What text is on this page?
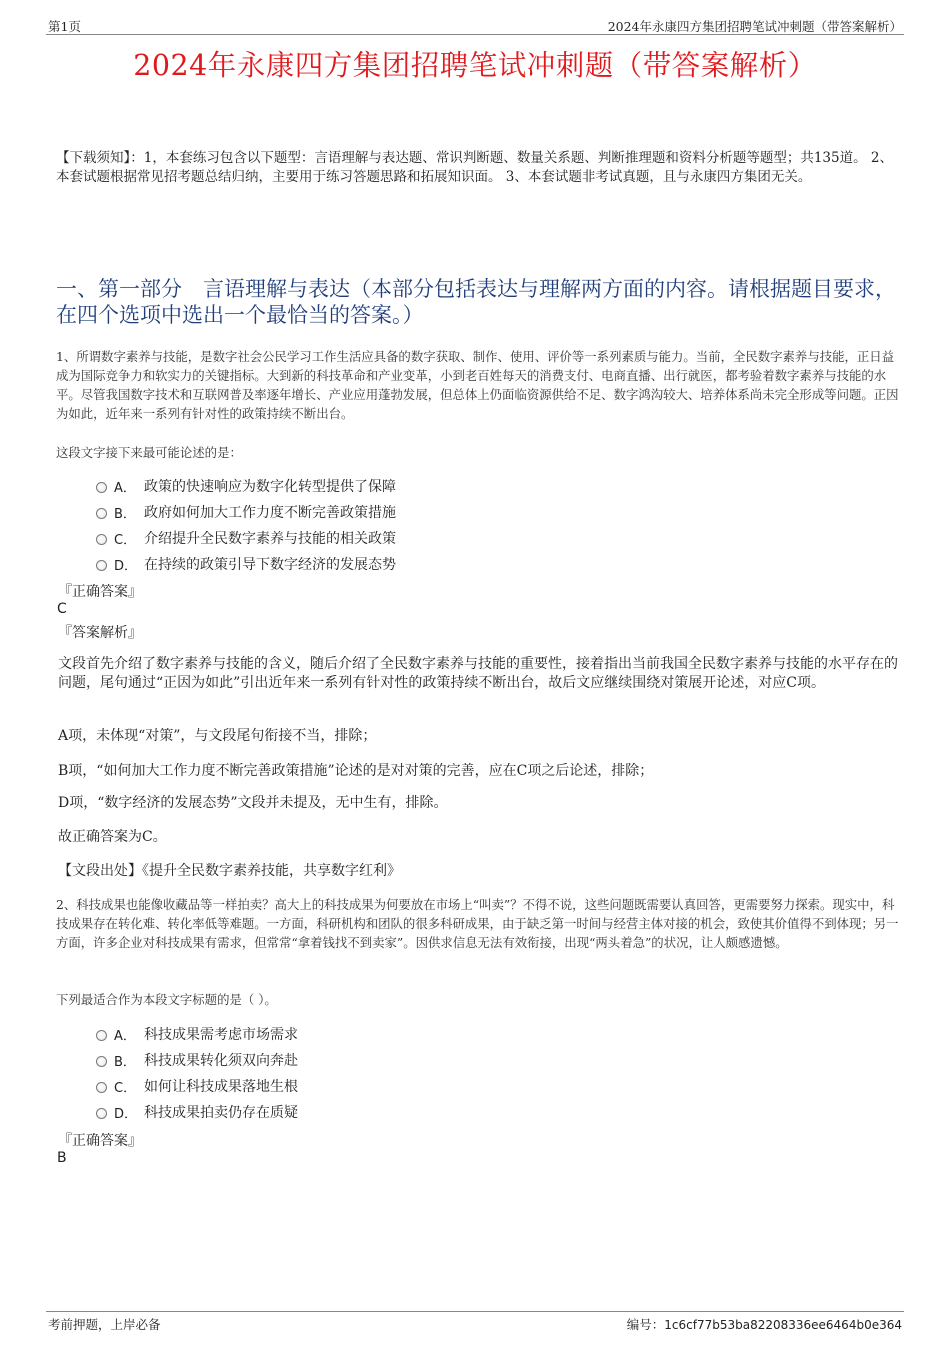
第1页	2024年永康四方集团招聘笔试冲刺题（带答案解析）
2024年永康四方集团招聘笔试冲刺题（带答案解析）
【下载须知】：1，本套练习包含以下题型：言语理解与表达题、常识判断题、数量关系题、判断推理题和资料分析题等题型；共135道。 2、本套试题根据常见招考题总结归纳，主要用于练习答题思路和拓展知识面。 3、本套试题非考试真题，且与永康四方集团无关。
一、第一部分　言语理解与表达（本部分包括表达与理解两方面的内容。请根据题目要求，在四个选项中选出一个最恰当的答案。）
1、所谓数字素养与技能，是数字社会公民学习工作生活应具备的数字获取、制作、使用、评价等一系列素质与能力。当前，全民数字素养与技能，正日益成为国际竞争力和软实力的关键指标。大到新的科技革命和产业变革，小到老百姓每天的消费支付、电商直播、出行就医，都考验着数字素养与技能的水平。尽管我国数字技术和互联网普及率逐年增长、产业应用蓬勃发展，但总体上仍面临资源供给不足、数字鸿沟较大、培养体系尚未完全形成等问题。正因为如此，近年来一系列有针对性的政策持续不断出台。
这段文字接下来最可能论述的是：
A． 政策的快速响应为数字化转型提供了保障
B． 政府如何加大工作力度不断完善政策措施
C． 介绍提升全民数字素养与技能的相关政策
D． 在持续的政策引导下数字经济的发展态势
『正确答案』
C
『答案解析』
文段首先介绍了数字素养与技能的含义，随后介绍了全民数字素养与技能的重要性，接着指出当前我国全民数字素养与技能的水平存在的问题，尾句通过“正因为如此”引出近年来一系列有针对性的政策持续不断出台，故后文应继续围绕对策展开论述，对应C项。
A项，未体现“对策”，与文段尾句衔接不当，排除；
B项，“如何加大工作力度不断完善政策措施”论述的是对对策的完善，应在C项之后论述，排除；
D项，“数字经济的发展态势”文段并未提及，无中生有，排除。
故正确答案为C。
【文段出处】《提升全民数字素养技能，共享数字红利》
2、科技成果也能像收藏品等一样拍卖？高大上的科技成果为何要放在市场上“叫卖”？不得不说，这些问题既需要认真回答，更需要努力探索。现实中，科技成果存在转化难、转化率低等难题。一方面，科研机构和团队的很多科研成果，由于缺乏第一时间与经营主体对接的机会，致使其价值得不到体现；另一方面，许多企业对科技成果有需求，但常常“拿着钱找不到卖家”。因供求信息无法有效衔接，出现“两头着急”的状况，让人颇感遗憾。
下列最适合作为本段文字标题的是（ ）。
A． 科技成果需考虑市场需求
B． 科技成果转化须双向奔赴
C． 如何让科技成果落地生根
D． 科技成果拍卖仍存在质疑
『正确答案』
B
考前押题，上岸必备	编号：1c6cf77b53ba82208336ee6464b0e364
